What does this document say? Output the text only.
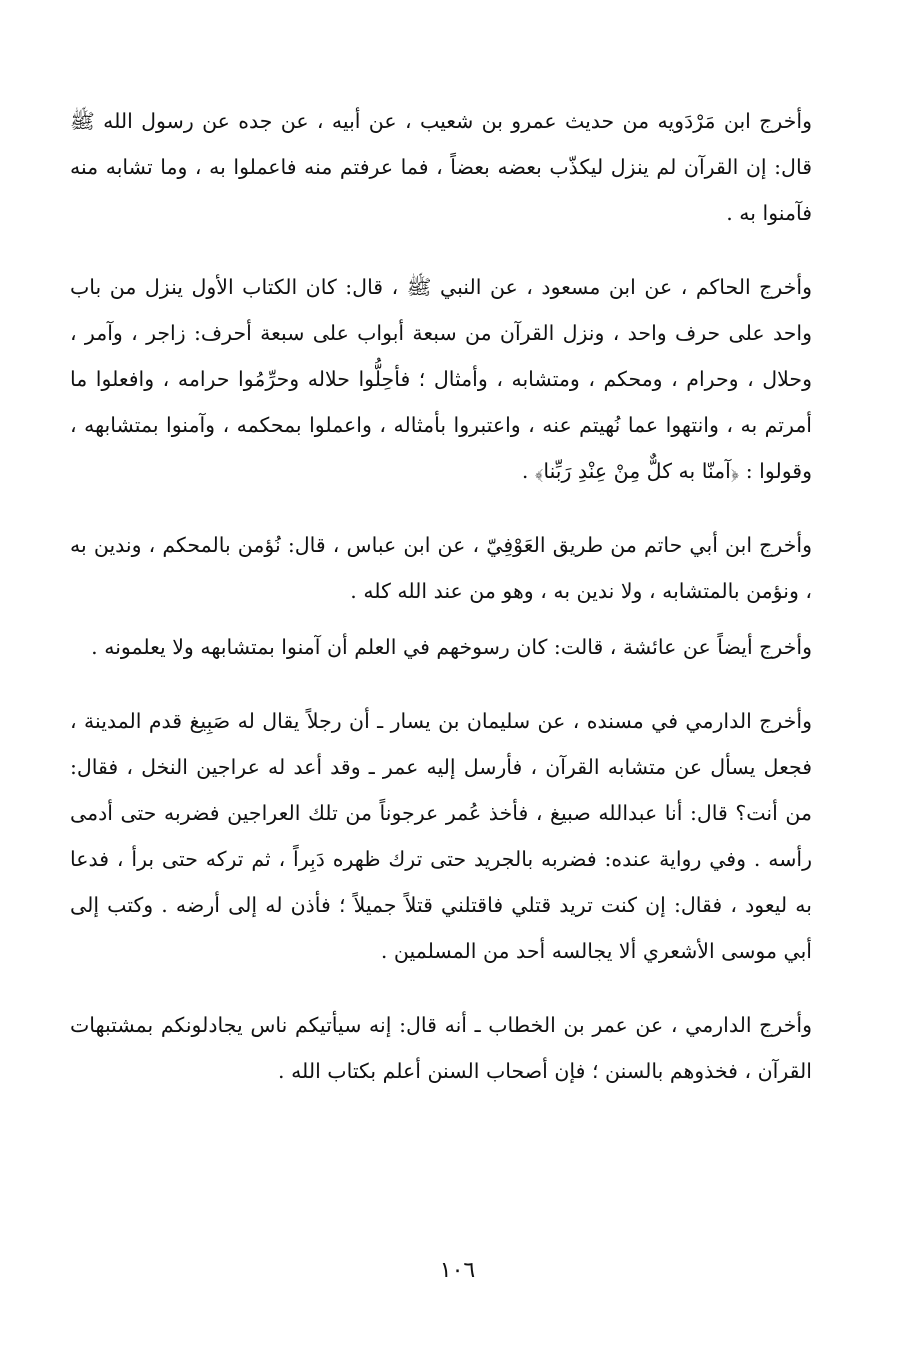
وأخرج ابن مَرْدَويه من حديث عمرو بن شعيب ، عن أبيه ، عن جده عن رسول الله ﷺ قال: إن القرآن لم ينزل ليكذّب بعضه بعضاً ، فما عرفتم منه فاعملوا به ، وما تشابه منه فآمنوا به .

وأخرج الحاكم ، عن ابن مسعود ، عن النبي ﷺ ، قال: كان الكتاب الأول ينزل من باب واحد على حرف واحد ، ونزل القرآن من سبعة أبواب على سبعة أحرف: زاجر ، وآمر ، وحلال ، وحرام ، ومحكم ، ومتشابه ، وأمثال ؛ فأحِلُّوا حلاله وحرِّمُوا حرامه ، وافعلوا ما أمرتم به ، وانتهوا عما نُهيتم عنه ، واعتبروا بأمثاله ، واعملوا بمحكمه ، وآمنوا بمتشابهه ، وقولوا : ﴿آمنّا به كلٌّ مِنْ عِنْدِ رَبِّنا﴾ .

وأخرج ابن أبي حاتم من طريق العَوْفِيّ ، عن ابن عباس ، قال: نُؤمن بالمحكم ، وندين به ، ونؤمن بالمتشابه ، ولا ندين به ، وهو من عند الله كله .

وأخرج أيضاً عن عائشة ، قالت: كان رسوخهم في العلم أن آمنوا بمتشابهه ولا يعلمونه .

وأخرج الدارمي في مسنده ، عن سليمان بن يسار ـ أن رجلاً يقال له صَبِيغ قدم المدينة ، فجعل يسأل عن متشابه القرآن ، فأرسل إليه عمر ـ وقد أعد له عراجين النخل ، فقال: من أنت؟ قال: أنا عبدالله صبيغ ، فأخذ عُمر عرجوناً من تلك العراجين فضربه حتى أدمى رأسه . وفي رواية عنده: فضربه بالجريد حتى ترك ظهره دَبِراً ، ثم تركه حتى برأ ، فدعا به ليعود ، فقال: إن كنت تريد قتلي فاقتلني قتلاً جميلاً ؛ فأذن له إلى أرضه . وكتب إلى أبي موسى الأشعري ألا يجالسه أحد من المسلمين .

وأخرج الدارمي ، عن عمر بن الخطاب ـ أنه قال: إنه سيأتيكم ناس يجادلونكم بمشتبهات القرآن ، فخذوهم بالسنن ؛ فإن أصحاب السنن أعلم بكتاب الله .

١٠٦
